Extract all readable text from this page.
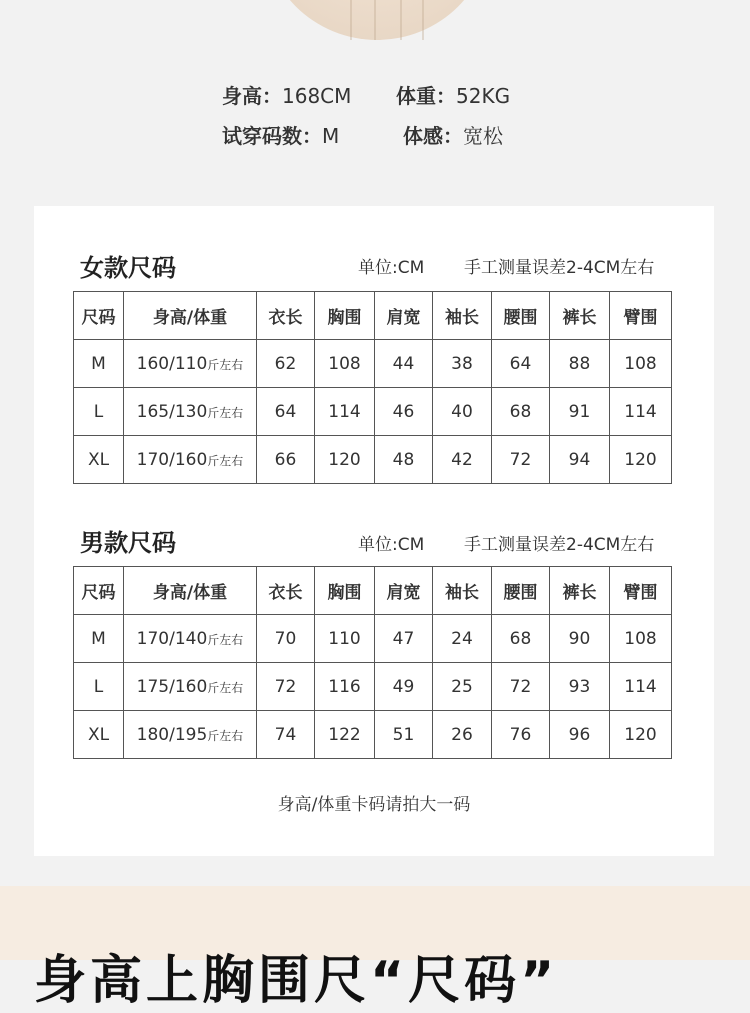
身高：168CM 体重：52KG
试穿码数：M	体感：宽松
女款尺码	单位:CM 手工测量误差2-4CM左右
尺码	身高/体重	衣长	胸围	肩宽	袖长	腰围	裤长	臂围
M	160/110斤左右	62	108	44	38	64	88	108
L	165/130斤左右	64	114	46	40	68	91	114
XL	170/160斤左右	66	120	48	42	72	94	120
男款尺码	单位:CM 手工测量误差2-4CM左右
尺码	身高/体重	衣长	胸围	肩宽	袖长	腰围	裤长	臂围
M	170/140斤左右	70	110	47	24	68	90	108
L	175/160斤左右	72	116	49	25	72	93	114
XL	180/195斤左右	74	122	51	26	76	96	120
身高/体重卡码请拍大一码
身高上胸围尺“尺码”
